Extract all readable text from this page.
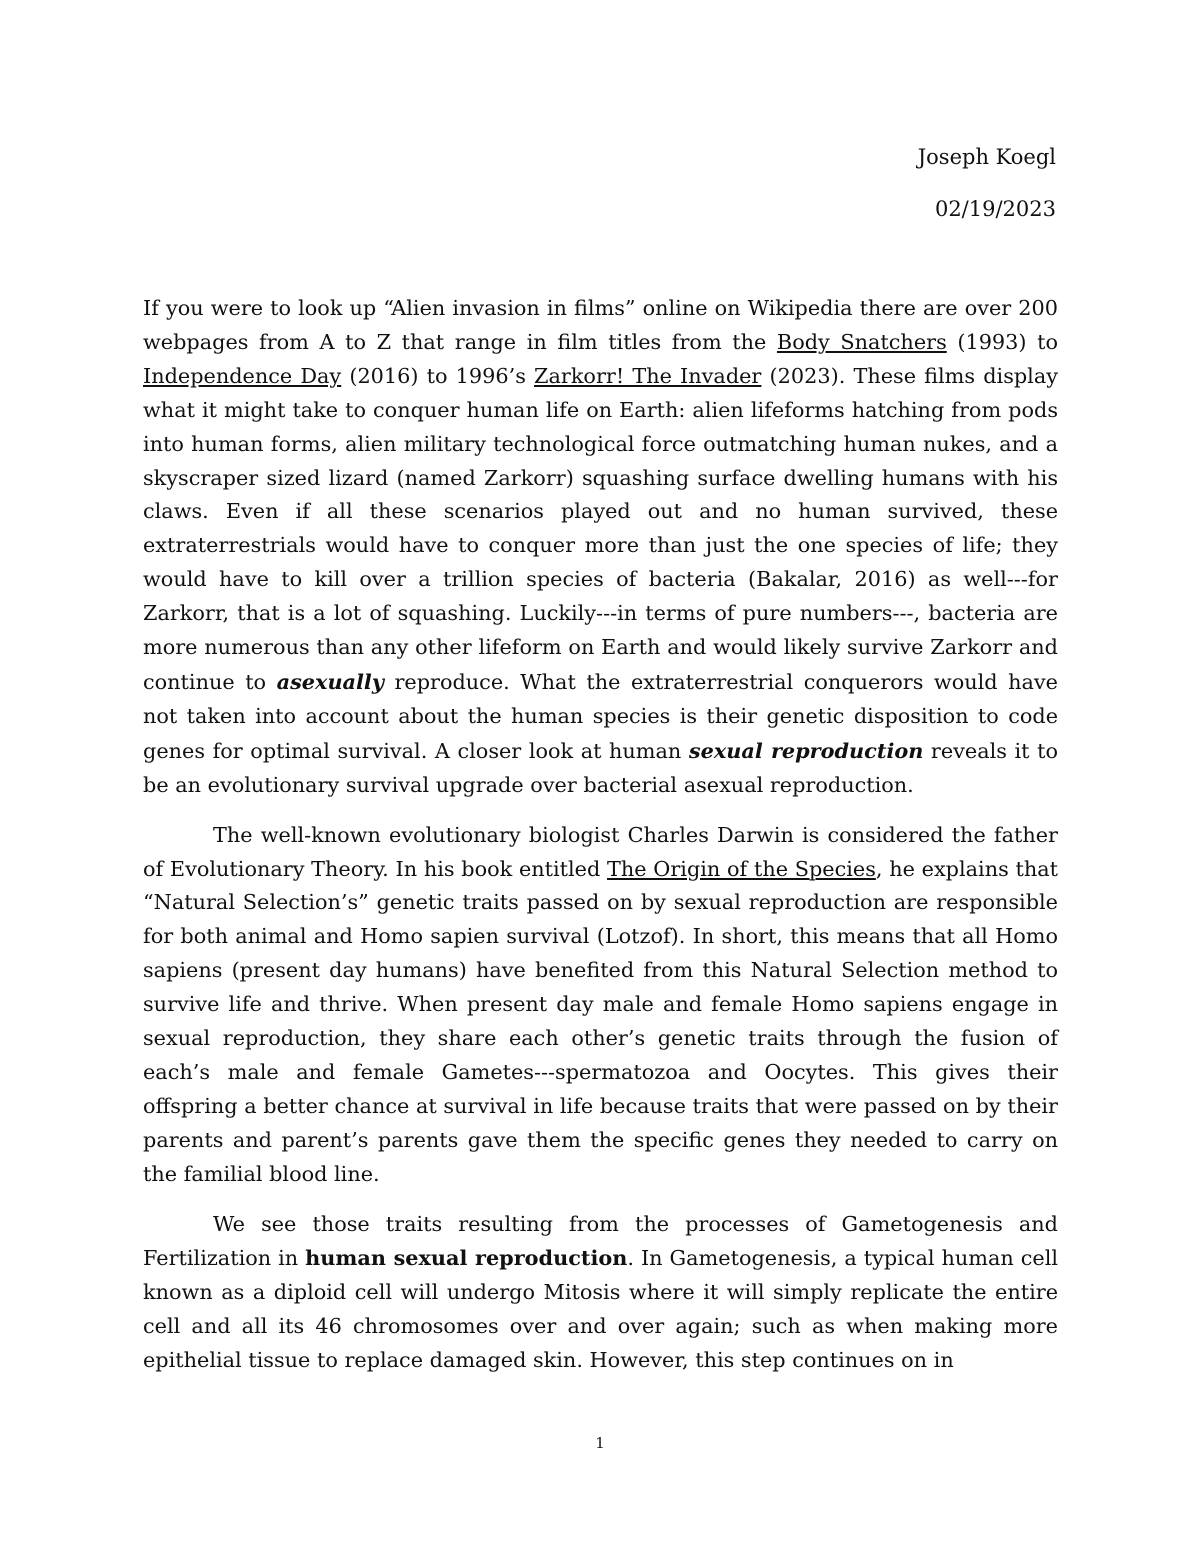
Joseph Koegl
02/19/2023

If you were to look up “Alien invasion in films” online on Wikipedia there are over 200 webpages from A to Z that range in film titles from the Body Snatchers (1993) to Independence Day (2016) to 1996’s Zarkorr! The Invader (2023). These films display what it might take to conquer human life on Earth: alien lifeforms hatching from pods into human forms, alien military technological force outmatching human nukes, and a skyscraper sized lizard (named Zarkorr) squashing surface dwelling humans with his claws. Even if all these scenarios played out and no human survived, these extraterrestrials would have to conquer more than just the one species of life; they would have to kill over a trillion species of bacteria (Bakalar, 2016) as well---for Zarkorr, that is a lot of squashing. Luckily---in terms of pure numbers---, bacteria are more numerous than any other lifeform on Earth and would likely survive Zarkorr and continue to asexually reproduce. What the extraterrestrial conquerors would have not taken into account about the human species is their genetic disposition to code genes for optimal survival. A closer look at human sexual reproduction reveals it to be an evolutionary survival upgrade over bacterial asexual reproduction.

The well-known evolutionary biologist Charles Darwin is considered the father of Evolutionary Theory. In his book entitled The Origin of the Species, he explains that “Natural Selection’s” genetic traits passed on by sexual reproduction are responsible for both animal and Homo sapien survival (Lotzof). In short, this means that all Homo sapiens (present day humans) have benefited from this Natural Selection method to survive life and thrive. When present day male and female Homo sapiens engage in sexual reproduction, they share each other’s genetic traits through the fusion of each’s male and female Gametes---spermatozoa and Oocytes. This gives their offspring a better chance at survival in life because traits that were passed on by their parents and parent’s parents gave them the specific genes they needed to carry on the familial blood line.

We see those traits resulting from the processes of Gametogenesis and Fertilization in human sexual reproduction. In Gametogenesis, a typical human cell known as a diploid cell will undergo Mitosis where it will simply replicate the entire cell and all its 46 chromosomes over and over again; such as when making more epithelial tissue to replace damaged skin. However, this step continues on in

1
